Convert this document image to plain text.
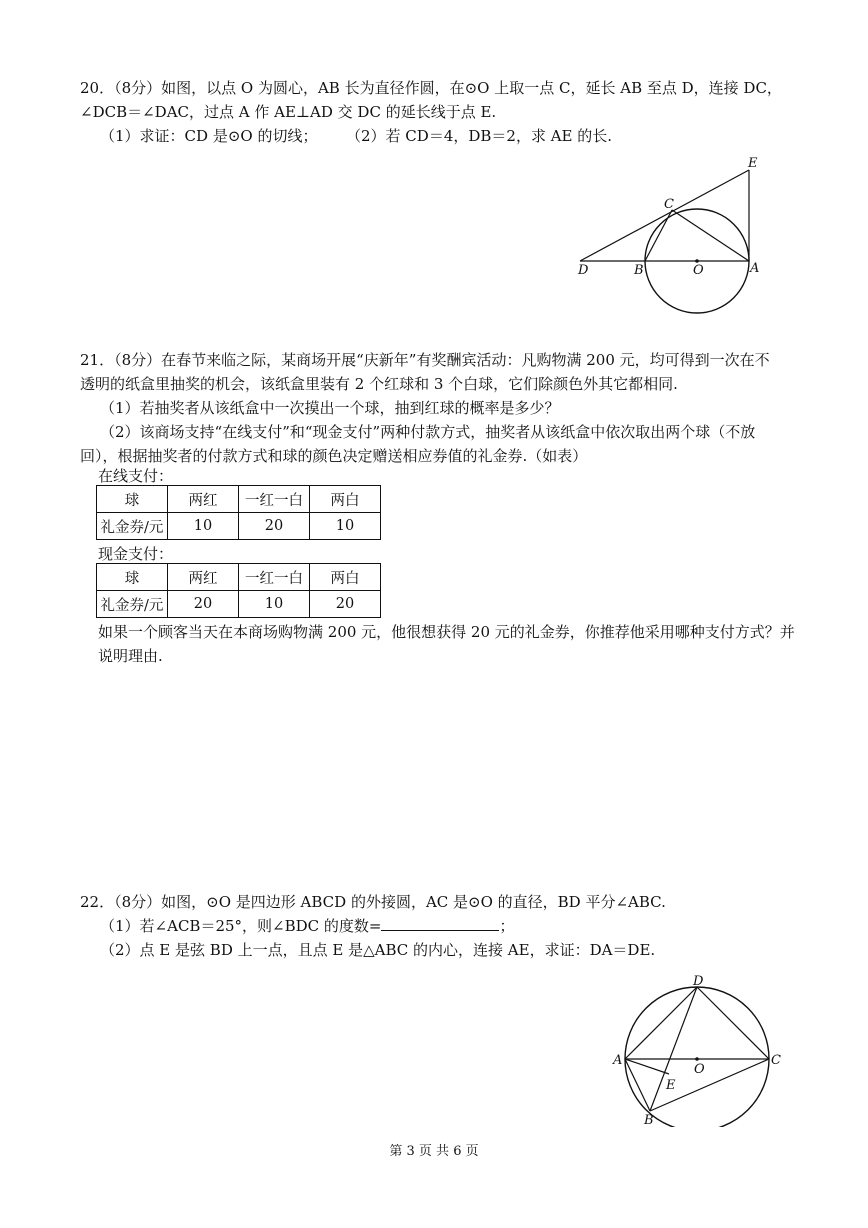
20．（8分）如图，以点 O 为圆心，AB 长为直径作圆，在⊙O 上取一点 C，延长 AB 至点 D，连接 DC，
∠DCB＝∠DAC，过点 A 作 AE⊥AD 交 DC 的延长线于点 E.
（1）求证：CD 是⊙O 的切线； （2）若 CD＝4，DB＝2，求 AE 的长.
E
C
D	B	O	A
21．（8分）在春节来临之际，某商场开展“庆新年”有奖酬宾活动：凡购物满 200 元，均可得到一次在不
透明的纸盒里抽奖的机会，该纸盒里装有 2 个红球和 3 个白球，它们除颜色外其它都相同.
（1）若抽奖者从该纸盒中一次摸出一个球，抽到红球的概率是多少？
（2）该商场支持“在线支付”和“现金支付”两种付款方式，抽奖者从该纸盒中依次取出两个球（不放
回），根据抽奖者的付款方式和球的颜色决定赠送相应券值的礼金券.（如表）
在线支付：
球	两红	一红一白	两白
礼金券/元	10	20	10
现金支付：
球	两红	一红一白	两白
礼金券/元	20	10	20
如果一个顾客当天在本商场购物满 200 元，他很想获得 20 元的礼金券，你推荐他采用哪种支付方式？并
说明理由.
22．（8分）如图，⊙O 是四边形 ABCD 的外接圆，AC 是⊙O 的直径，BD 平分∠ABC.
（1）若∠ACB＝25°，则∠BDC 的度数=	；
（2）点 E 是弦 BD 上一点，且点 E 是△ABC 的内心，连接 AE，求证：DA＝DE.
D
A
O
C
E
B
第 3 页 共 6 页
